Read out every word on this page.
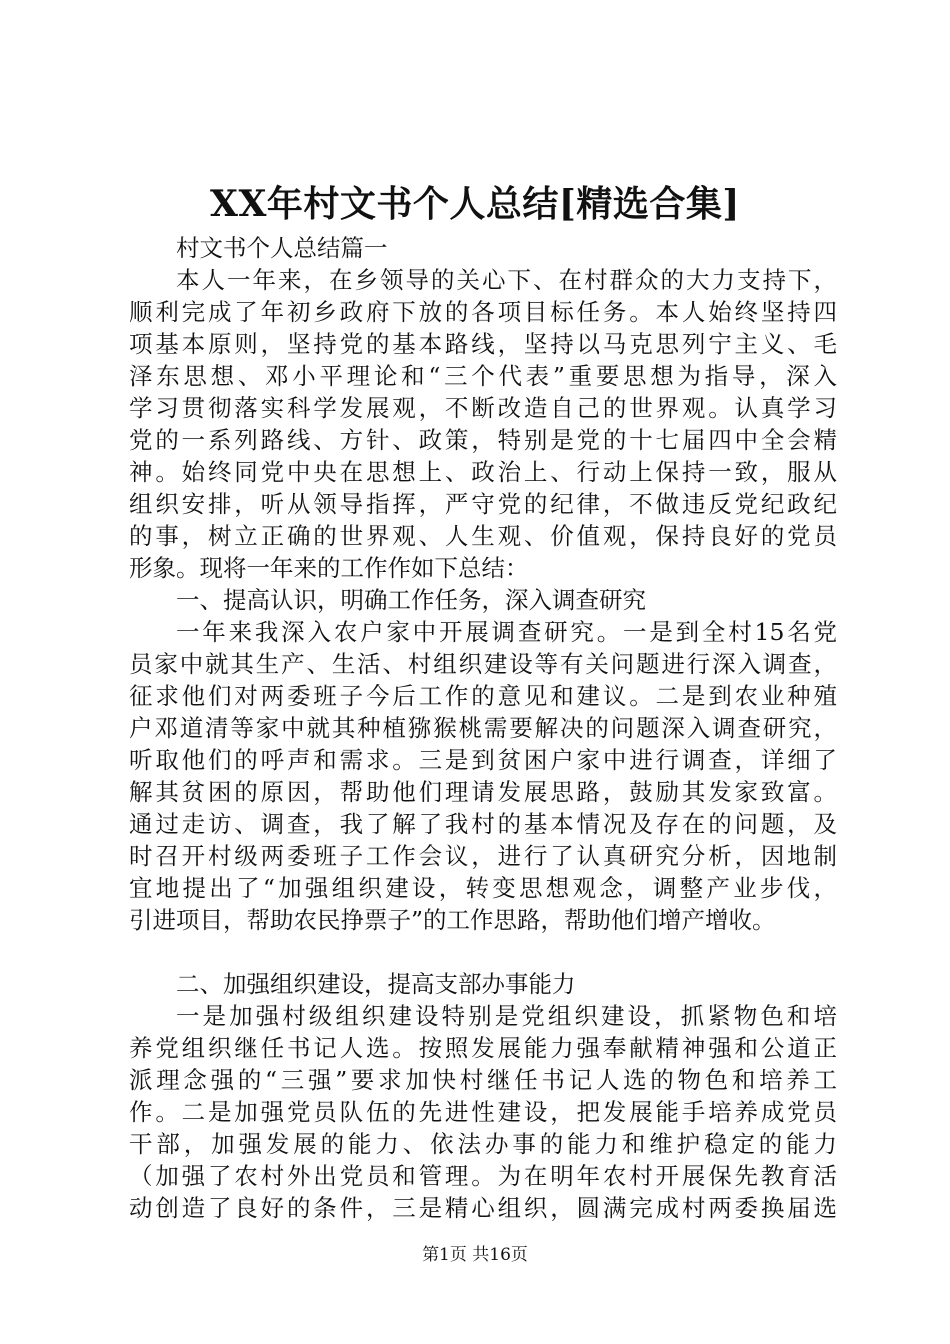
XX年村文书个人总结[精选合集]
村文书个人总结篇一
本人一年来，在乡领导的关心下、在村群众的大力支持下，
顺利完成了年初乡政府下放的各项目标任务。本人始终坚持四
项基本原则，坚持党的基本路线，坚持以马克思列宁主义、毛
泽东思想、邓小平理论和“三个代表”重要思想为指导，深入
学习贯彻落实科学发展观，不断改造自己的世界观。认真学习
党的一系列路线、方针、政策，特别是党的十七届四中全会精
神。始终同党中央在思想上、政治上、行动上保持一致，服从
组织安排，听从领导指挥，严守党的纪律，不做违反党纪政纪
的事，树立正确的世界观、人生观、价值观，保持良好的党员
形象。现将一年来的工作作如下总结：
一、提高认识，明确工作任务，深入调查研究
一年来我深入农户家中开展调查研究。一是到全村15名党
员家中就其生产、生活、村组织建设等有关问题进行深入调查，
征求他们对两委班子今后工作的意见和建议。二是到农业种殖
户邓道清等家中就其种植猕猴桃需要解决的问题深入调查研究，
听取他们的呼声和需求。三是到贫困户家中进行调查，详细了
解其贫困的原因，帮助他们理请发展思路，鼓励其发家致富。
通过走访、调查，我了解了我村的基本情况及存在的问题，及
时召开村级两委班子工作会议，进行了认真研究分析，因地制
宜地提出了“加强组织建设，转变思想观念，调整产业步伐，
引进项目，帮助农民挣票子”的工作思路，帮助他们增产增收。
二、加强组织建设，提高支部办事能力
一是加强村级组织建设特别是党组织建设，抓紧物色和培
养党组织继任书记人选。按照发展能力强奉献精神强和公道正
派理念强的“三强”要求加快村继任书记人选的物色和培养工
作。二是加强党员队伍的先进性建设，把发展能手培养成党员
干部，加强发展的能力、依法办事的能力和维护稳定的能力
（加强了农村外出党员和管理。为在明年农村开展保先教育活
动创造了良好的条件，三是精心组织，圆满完成村两委换届选
第1页 共16页
